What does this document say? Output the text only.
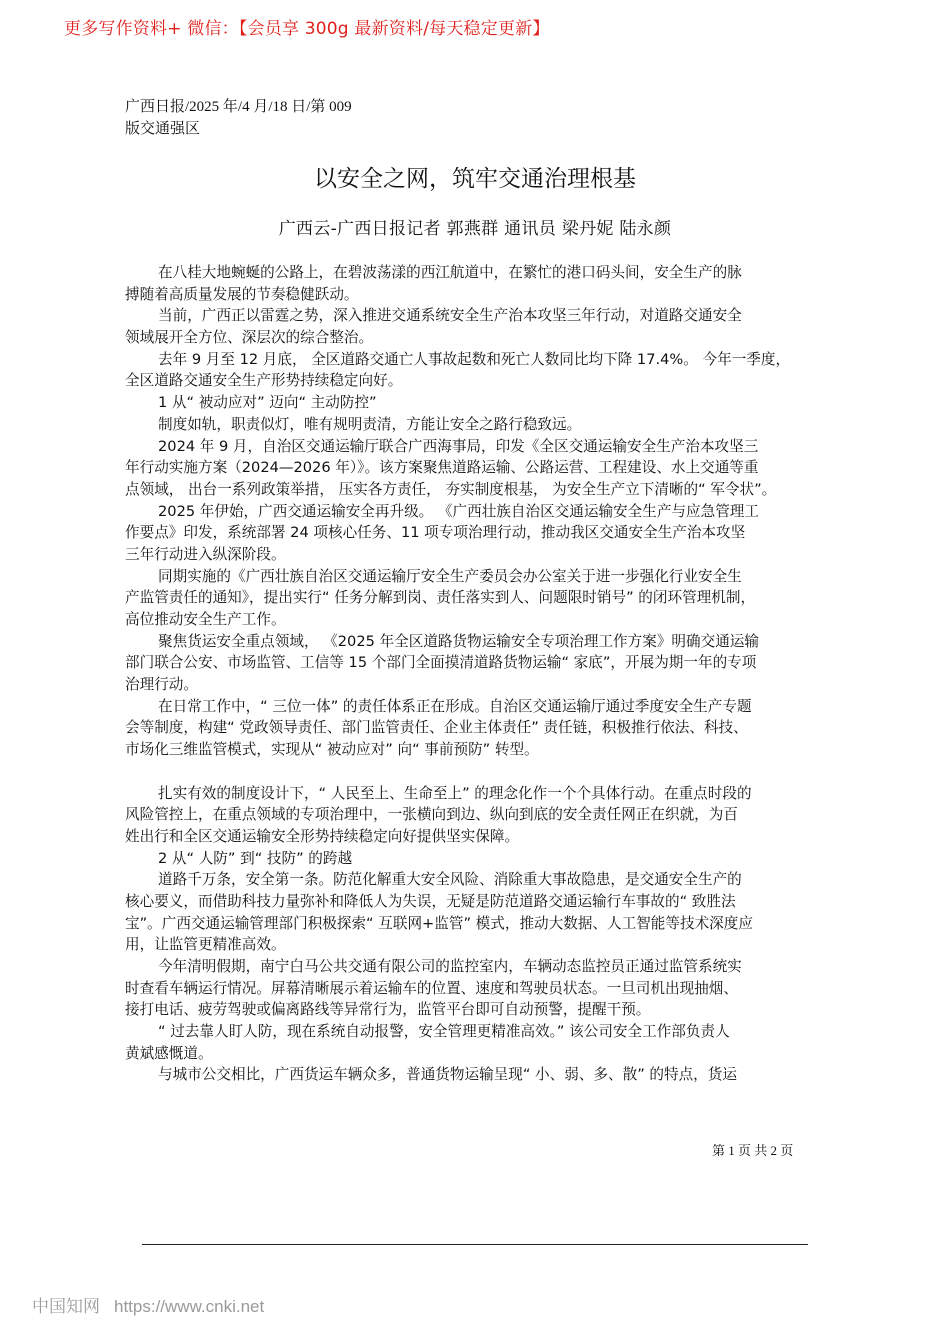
更多写作资料+ 微信：【会员享 300g 最新资料/每天稳定更新】
广西日报/2025 年/4 月/18 日/第 009
版交通强区
以安全之网，筑牢交通治理根基
广西云-广西日报记者 郭燕群 通讯员 梁丹妮 陆永颜
在八桂大地蜿蜒的公路上，在碧波荡漾的西江航道中，在繁忙的港口码头间，安全生产的脉
搏随着高质量发展的节奏稳健跃动。
当前，广西正以雷霆之势，深入推进交通系统安全生产治本攻坚三年行动，对道路交通安全
领域展开全方位、深层次的综合整治。
去年 9 月至 12 月底， 全区道路交通亡人事故起数和死亡人数同比均下降 17.4%。 今年一季度，
全区道路交通安全生产形势持续稳定向好。
1 从“ 被动应对” 迈向“ 主动防控”
制度如轨，职责似灯，唯有规明责清，方能让安全之路行稳致远。
2024 年 9 月，自治区交通运输厅联合广西海事局，印发《全区交通运输安全生产治本攻坚三
年行动实施方案（2024—2026 年）》。该方案聚焦道路运输、公路运营、工程建设、水上交通等重
点领域， 出台一系列政策举措， 压实各方责任， 夯实制度根基， 为安全生产立下清晰的“ 军令状”。
2025 年伊始，广西交通运输安全再升级。 《广西壮族自治区交通运输安全生产与应急管理工
作要点》印发，系统部署 24 项核心任务、11 项专项治理行动，推动我区交通安全生产治本攻坚
三年行动进入纵深阶段。
同期实施的《广西壮族自治区交通运输厅安全生产委员会办公室关于进一步强化行业安全生
产监管责任的通知》，提出实行“ 任务分解到岗、责任落实到人、问题限时销号” 的闭环管理机制，
高位推动安全生产工作。
聚焦货运安全重点领域， 《2025 年全区道路货物运输安全专项治理工作方案》明确交通运输
部门联合公安、市场监管、工信等 15 个部门全面摸清道路货物运输“ 家底”，开展为期一年的专项
治理行动。
在日常工作中，“ 三位一体” 的责任体系正在形成。自治区交通运输厅通过季度安全生产专题
会等制度，构建“ 党政领导责任、部门监管责任、企业主体责任” 责任链，积极推行依法、科技、
市场化三维监管模式，实现从“ 被动应对” 向“ 事前预防” 转型。
扎实有效的制度设计下，“ 人民至上、生命至上” 的理念化作一个个具体行动。在重点时段的
风险管控上，在重点领域的专项治理中，一张横向到边、纵向到底的安全责任网正在织就，为百
姓出行和全区交通运输安全形势持续稳定向好提供坚实保障。
2 从“ 人防” 到“ 技防” 的跨越
道路千万条，安全第一条。防范化解重大安全风险、消除重大事故隐患，是交通安全生产的
核心要义，而借助科技力量弥补和降低人为失误，无疑是防范道路交通运输行车事故的“ 致胜法
宝”。广西交通运输管理部门积极探索“ 互联网+监管” 模式，推动大数据、人工智能等技术深度应
用，让监管更精准高效。
今年清明假期，南宁白马公共交通有限公司的监控室内，车辆动态监控员正通过监管系统实
时查看车辆运行情况。屏幕清晰展示着运输车的位置、速度和驾驶员状态。一旦司机出现抽烟、
接打电话、疲劳驾驶或偏离路线等异常行为，监管平台即可自动预警，提醒干预。
“ 过去靠人盯人防，现在系统自动报警，安全管理更精准高效。” 该公司安全工作部负责人
黄斌感慨道。
与城市公交相比，广西货运车辆众多，普通货物运输呈现“ 小、弱、多、散” 的特点，货运
第 1 页 共 2 页
中国知网 https://www.cnki.net
